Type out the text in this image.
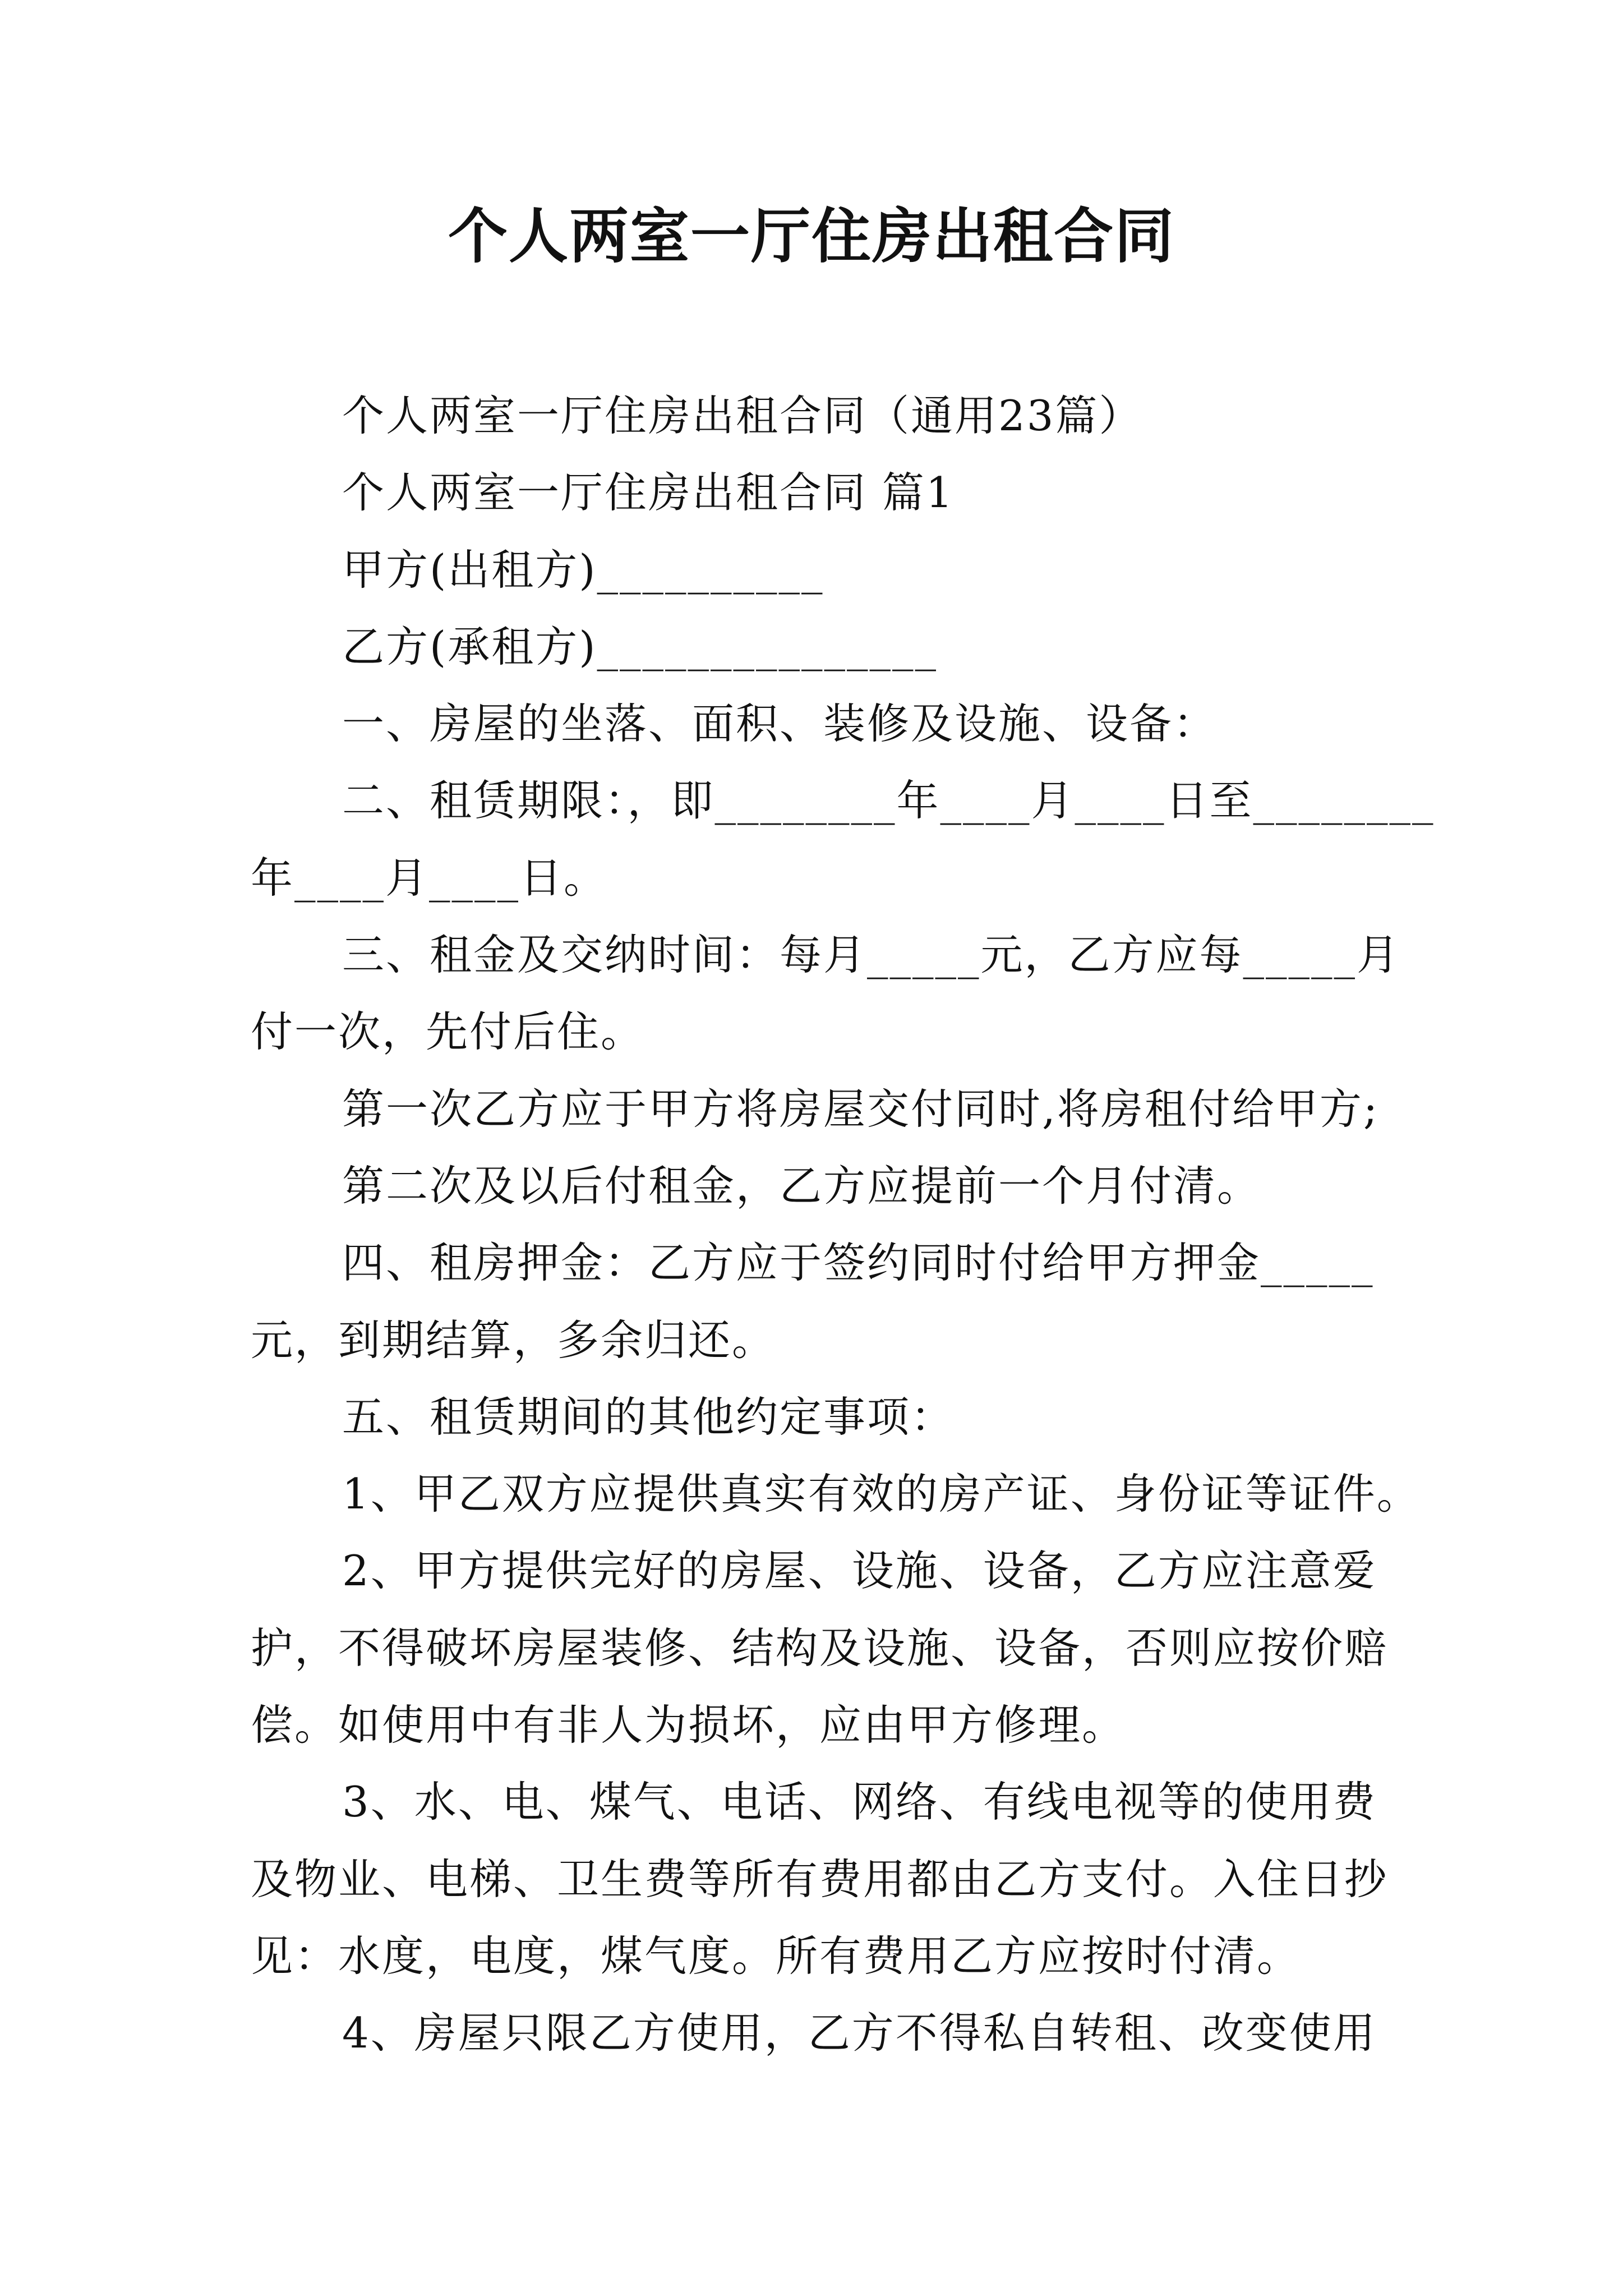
个人两室一厅住房出租合同
个人两室一厅住房出租合同（通用23篇）
个人两室一厅住房出租合同 篇1
甲方(出租方)__________
乙方(承租方)_______________
一、房屋的坐落、面积、装修及设施、设备：
二、租赁期限：，即________年____月____日至________
年____月____日。
三、租金及交纳时间：每月_____元，乙方应每_____月
付一次，先付后住。
第一次乙方应于甲方将房屋交付同时,将房租付给甲方;
第二次及以后付租金，乙方应提前一个月付清。
四、租房押金：乙方应于签约同时付给甲方押金_____
元，到期结算，多余归还。
五、租赁期间的其他约定事项：
1、甲乙双方应提供真实有效的房产证、身份证等证件。
2、甲方提供完好的房屋、设施、设备，乙方应注意爱
护，不得破坏房屋装修、结构及设施、设备，否则应按价赔
偿。如使用中有非人为损坏，应由甲方修理。
3、水、电、煤气、电话、网络、有线电视等的使用费
及物业、电梯、卫生费等所有费用都由乙方支付。入住日抄
见：水度，电度，煤气度。所有费用乙方应按时付清。
4、房屋只限乙方使用，乙方不得私自转租、改变使用
